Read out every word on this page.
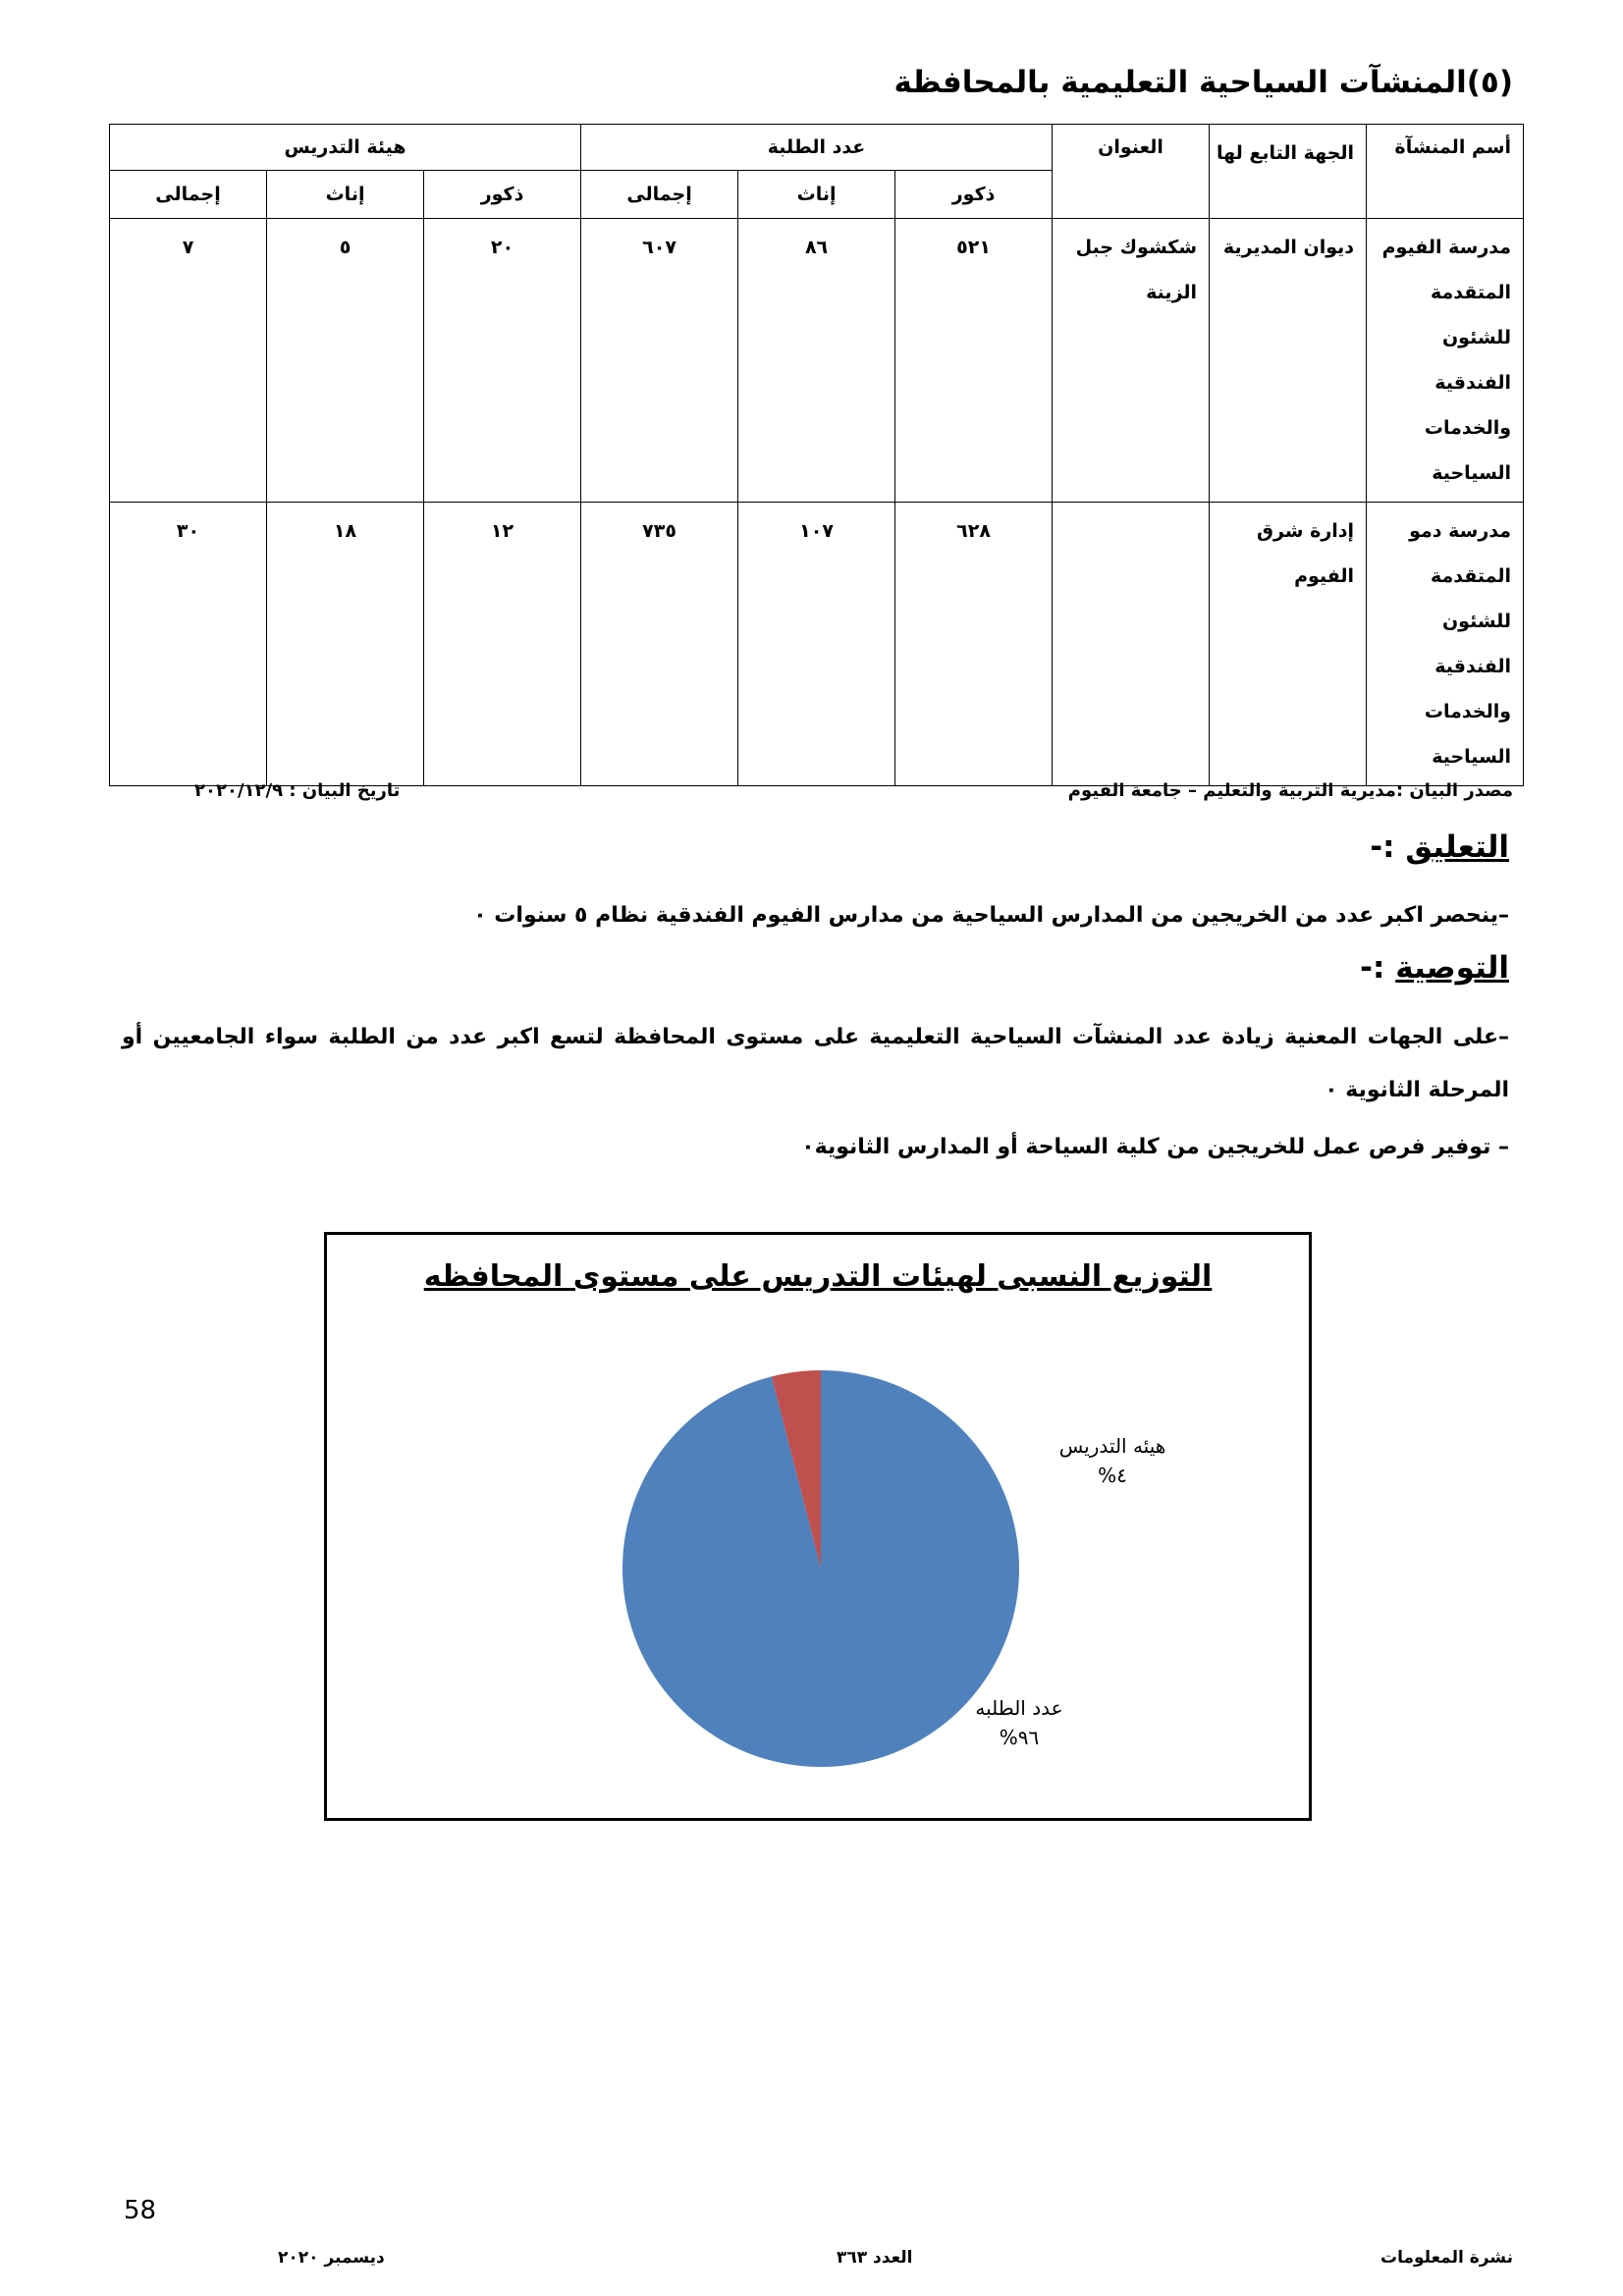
(٥)المنشآت السياحية التعليمية بالمحافظة
أسم المنشآة	الجهة التابع لها	العنوان	عدد الطلبة			هيئة التدريس		
			ذكور	إناث	إجمالى	ذكور	إناث	إجمالى
مدرسة الفيوم المتقدمة للشئون الفندقية والخدمات السياحية	ديوان المديرية	شكشوك جبل الزينة	٥٢١	٨٦	٦٠٧	٢٠	٥	٧
مدرسة دمو المتقدمة للشئون الفندقية والخدمات السياحية	إدارة شرق الفيوم		٦٢٨	١٠٧	٧٣٥	١٢	١٨	٣٠
مصدر البيان :مديرية التربية والتعليم – جامعة الفيوم
تاريخ البيان : ٢٠٢٠/١٢/٩
التعليق :-
–ينحصر اكبر عدد من الخريجين من المدارس السياحية من مدارس الفيوم الفندقية نظام ٥ سنوات ٠
التوصية :-
–على الجهات المعنية زيادة عدد المنشآت السياحية التعليمية على مستوى المحافظة لتسع اكبر عدد من الطلبة سواء الجامعيين أو المرحلة الثانوية ٠
– توفير فرص عمل للخريجين من كلية السياحة أو المدارس الثانوية٠
التوزيع النسبى لهيئات التدريس على مستوى المحافظه
هيئه التدريس
٤%
عدد الطلبه
٩٦%
58
ديسمبر ٢٠٢٠	العدد ٣٦٣	نشرة المعلومات
